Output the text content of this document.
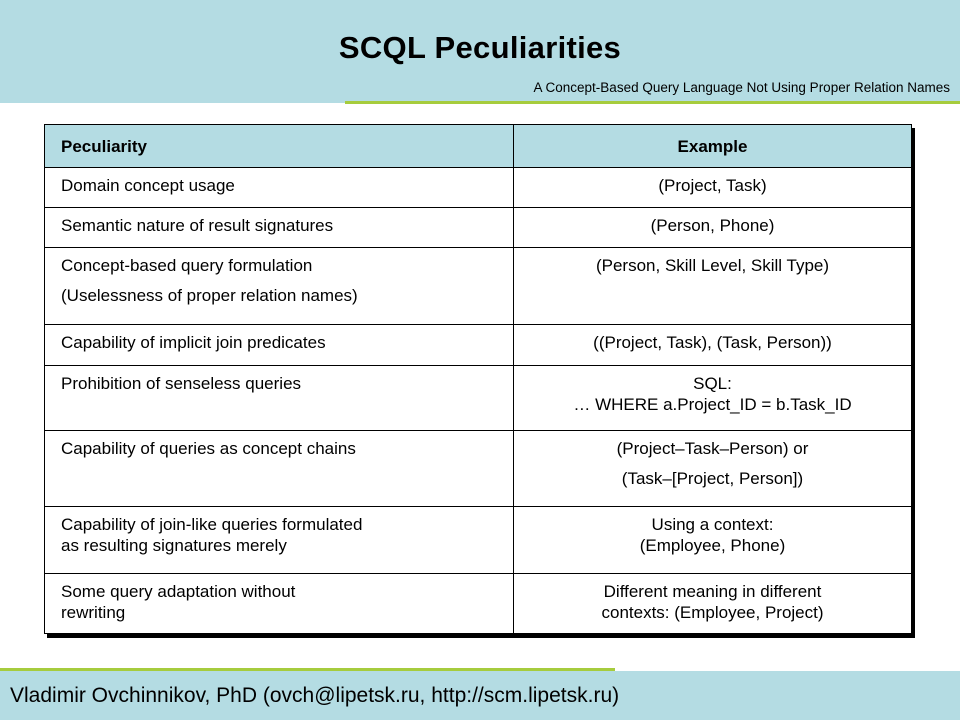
SCQL Peculiarities
A Concept-Based Query Language Not Using Proper Relation Names
Peculiarity	Example

Domain concept usage	(Project, Task)

Semantic nature of result signatures	(Person, Phone)

Concept-based query formulation
(Uselessness of proper relation names)	(Person, Skill Level, Skill Type)

Capability of implicit join predicates	((Project, Task), (Task, Person))

Prohibition of senseless queries	SQL:
… WHERE a.Project_ID = b.Task_ID

Capability of queries as concept chains	(Project–Task–Person) or
(Task–[Project, Person])

Capability of join-like queries formulated
as resulting signatures merely	Using a context:
(Employee, Phone)

Some query adaptation without
rewriting	Different meaning in different
contexts: (Employee, Project)
Vladimir Ovchinnikov, PhD (ovch@lipetsk.ru, http://scm.lipetsk.ru)
